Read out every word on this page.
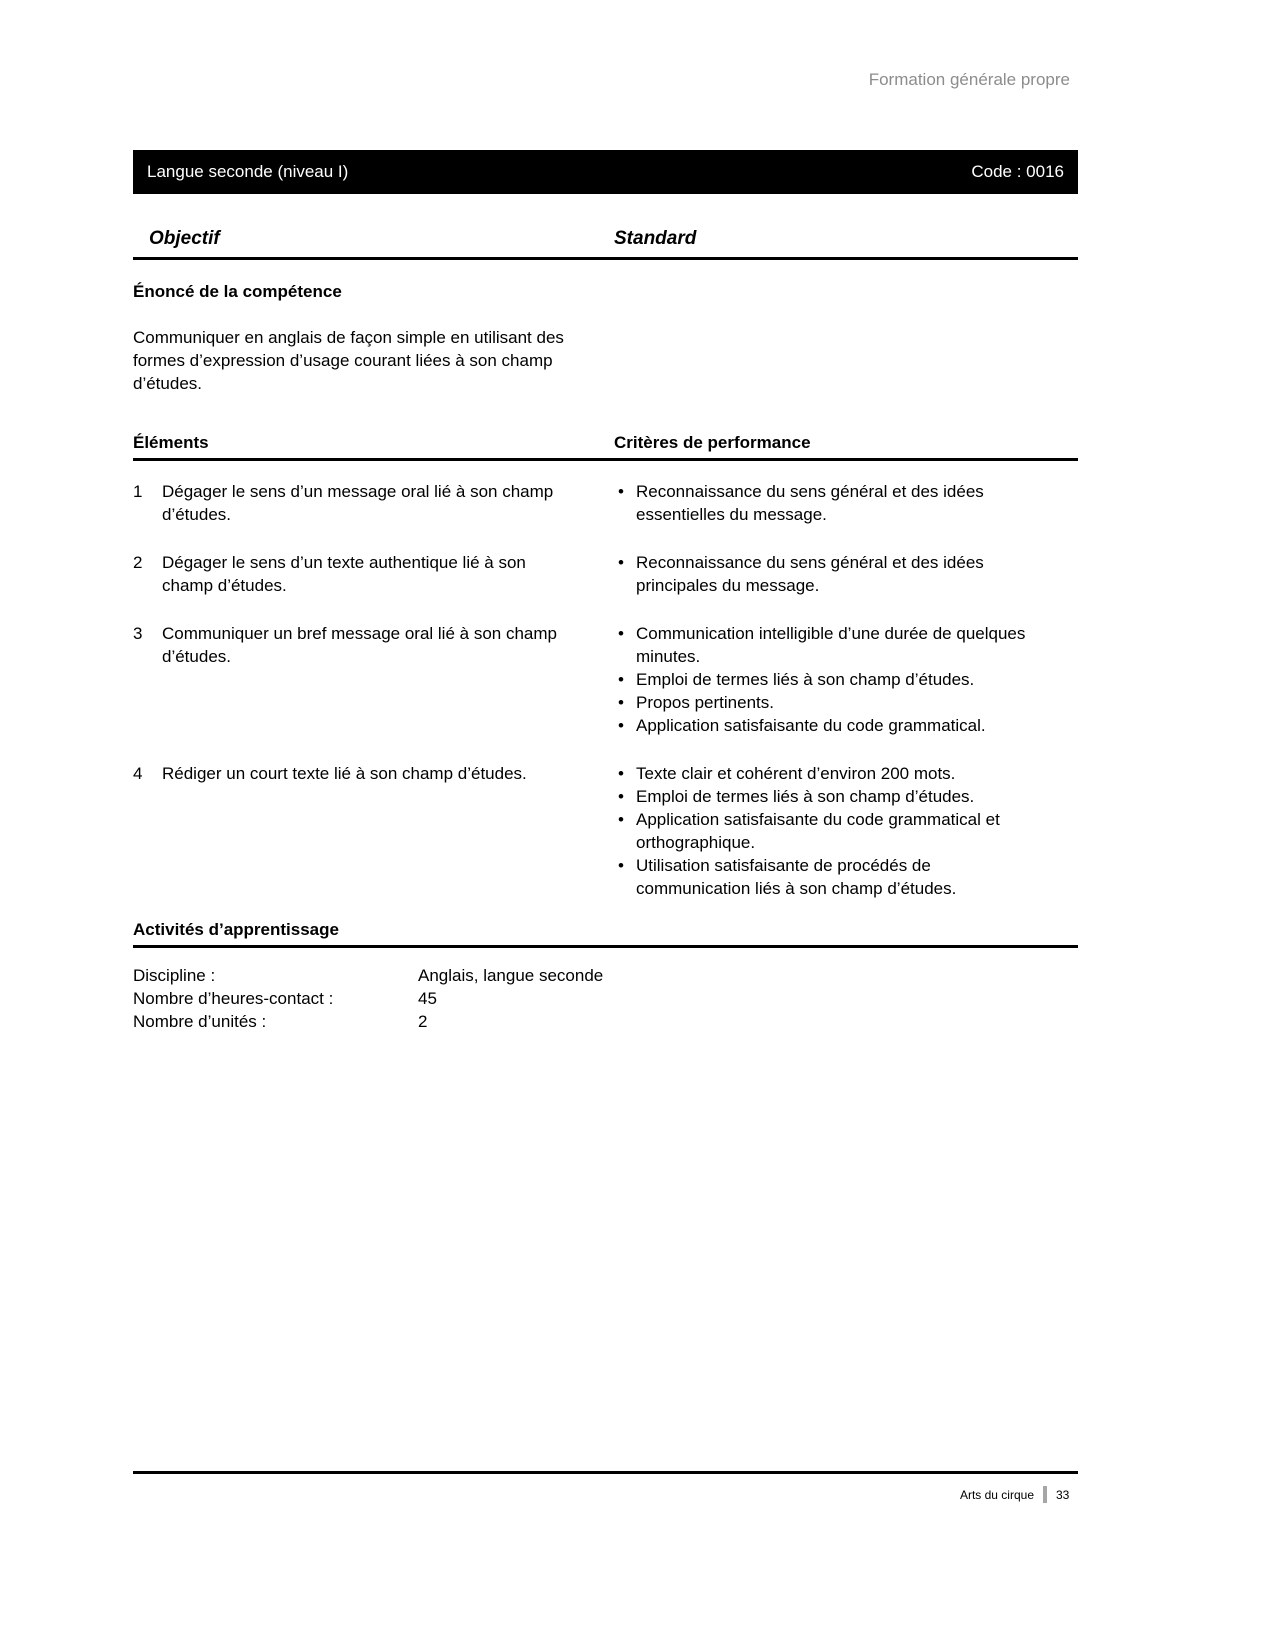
Formation générale propre
Langue seconde (niveau I)	Code : 0016
Objectif	Standard
Énoncé de la compétence
Communiquer en anglais de façon simple en utilisant des formes d’expression d’usage courant liées à son champ d’études.
Éléments	Critères de performance
1	Dégager le sens d’un message oral lié à son champ d’études.
• Reconnaissance du sens général et des idées essentielles du message.
2	Dégager le sens d’un texte authentique lié à son champ d’études.
• Reconnaissance du sens général et des idées principales du message.
3	Communiquer un bref message oral lié à son champ d’études.
• Communication intelligible d’une durée de quelques minutes.
• Emploi de termes liés à son champ d’études.
• Propos pertinents.
• Application satisfaisante du code grammatical.
4	Rédiger un court texte lié à son champ d’études.	• Texte clair et cohérent d’environ 200 mots.
• Emploi de termes liés à son champ d’études.
• Application satisfaisante du code grammatical et orthographique.
• Utilisation satisfaisante de procédés de communication liés à son champ d’études.
Activités d’apprentissage
Discipline :	Anglais, langue seconde
Nombre d’heures-contact :	45
Nombre d’unités :	2
Arts du cirque 33
